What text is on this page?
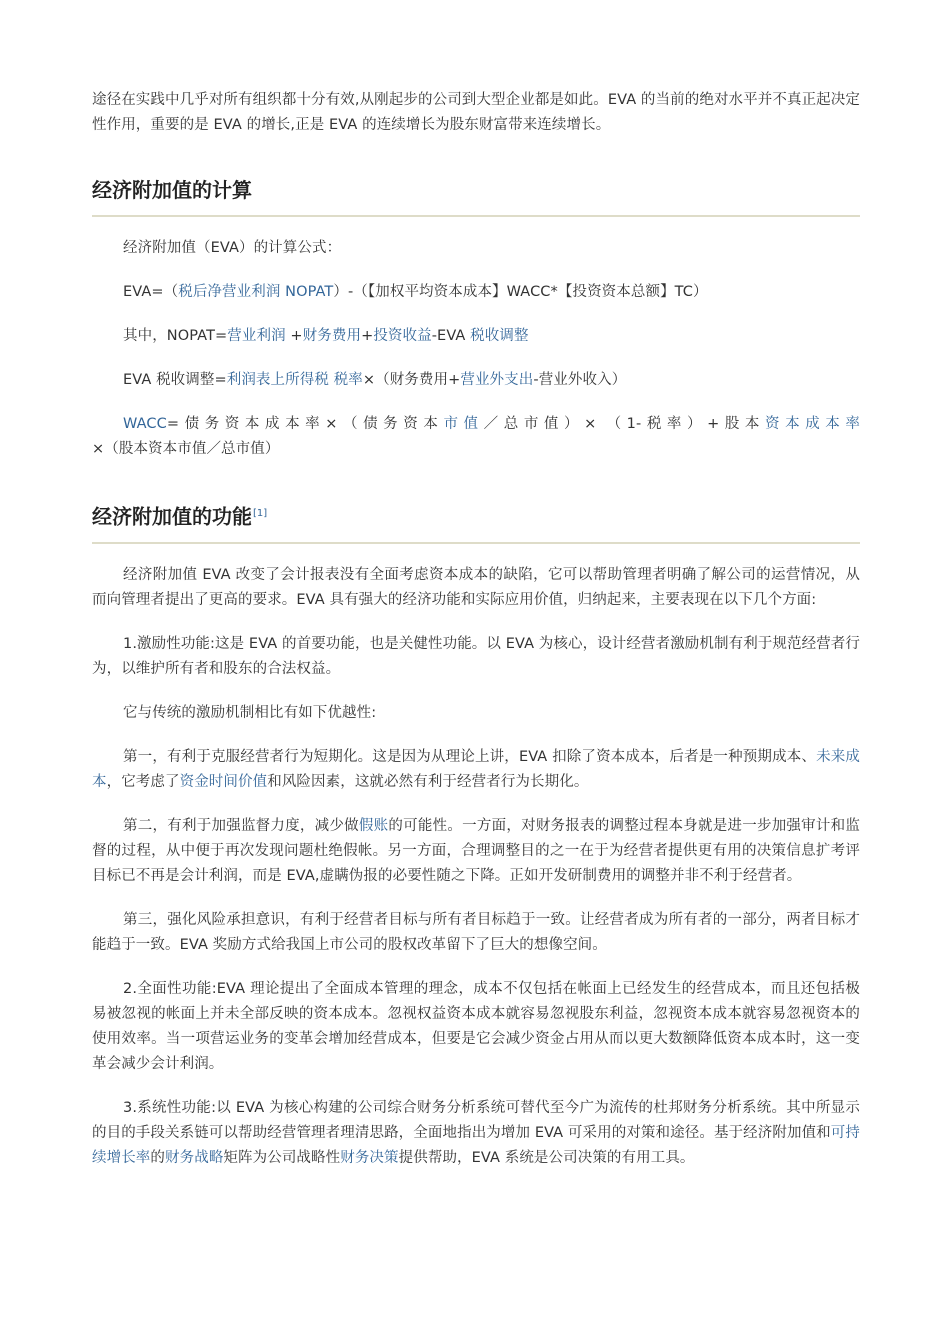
途径在实践中几乎对所有组织都十分有效,从刚起步的公司到大型企业都是如此。EVA 的当前的绝对水平并不真正起决定性作用，重要的是 EVA 的增长,正是 EVA 的连续增长为股东财富带来连续增长。

经济附加值的计算

经济附加值（EVA）的计算公式：

EVA=（税后净营业利润 NOPAT）-（【加权平均资本成本】WACC*【投资资本总额】TC）

其中，NOPAT=营业利润 +财务费用+投资收益-EVA 税收调整

EVA 税收调整=利润表上所得税 税率×（财务费用+营业外支出-营业外收入）

WACC=债务资本成本率×（债务资本市值／总市值）× （1-税率）+股本资本成本率×（股本资本市值／总市值）

经济附加值的功能[1]

经济附加值 EVA 改变了会计报表没有全面考虑资本成本的缺陷，它可以帮助管理者明确了解公司的运营情况，从而向管理者提出了更高的要求。EVA 具有强大的经济功能和实际应用价值，归纳起来，主要表现在以下几个方面:

1.激励性功能:这是 EVA 的首要功能，也是关健性功能。以 EVA 为核心，设计经营者激励机制有利于规范经营者行为，以维护所有者和股东的合法权益。

它与传统的激励机制相比有如下优越性:

第一，有利于克服经营者行为短期化。这是因为从理论上讲，EVA 扣除了资本成本，后者是一种预期成本、未来成本，它考虑了资金时间价值和风险因素，这就必然有利于经营者行为长期化。

第二，有利于加强监督力度，减少做假账的可能性。一方面，对财务报表的调整过程本身就是进一步加强审计和监督的过程，从中便于再次发现问题杜绝假帐。另一方面，合理调整目的之一在于为经营者提供更有用的决策信息扩考评目标已不再是会计利润，而是 EVA,虚瞒伪报的必要性随之下降。正如开发研制费用的调整并非不利于经营者。

第三，强化风险承担意识，有利于经营者目标与所有者目标趋于一致。让经营者成为所有者的一部分，两者目标才能趋于一致。EVA 奖励方式给我国上市公司的股权改革留下了巨大的想像空间。

2.全面性功能:EVA 理论提出了全面成本管理的理念，成本不仅包括在帐面上已经发生的经营成本，而且还包括极易被忽视的帐面上并未全部反映的资本成本。忽视权益资本成本就容易忽视股东利益，忽视资本成本就容易忽视资本的使用效率。当一项营运业务的变革会增加经营成本，但要是它会减少资金占用从而以更大数额降低资本成本时，这一变革会减少会计利润。

3.系统性功能:以 EVA 为核心构建的公司综合财务分析系统可替代至今广为流传的杜邦财务分析系统。其中所显示的目的手段关系链可以帮助经营管理者理清思路，全面地指出为增加 EVA 可采用的对策和途径。基于经济附加值和可持续增长率的财务战略矩阵为公司战略性财务决策提供帮助，EVA 系统是公司决策的有用工具。
